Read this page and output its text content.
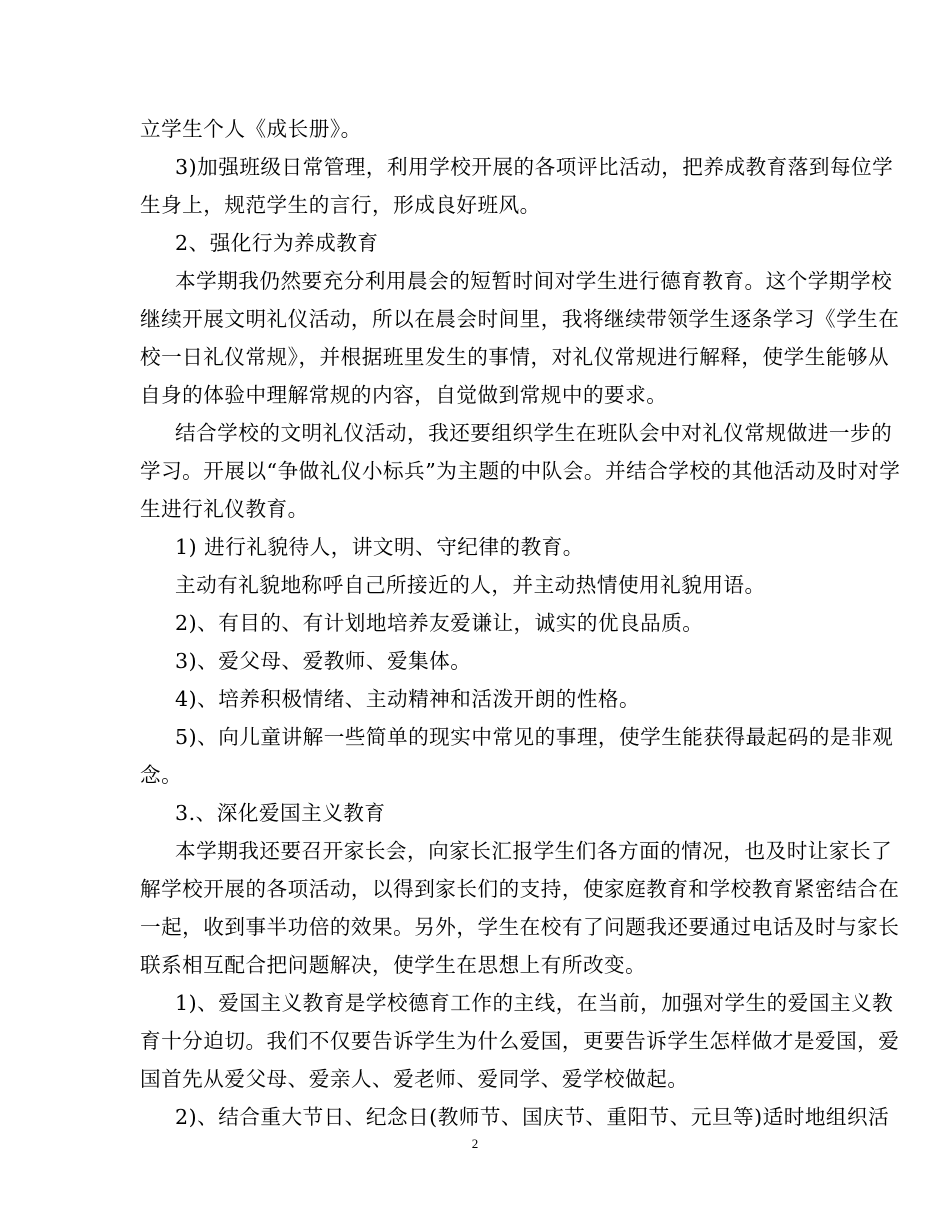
立学生个人《成长册》。
3)加强班级日常管理，利用学校开展的各项评比活动，把养成教育落到每位学
生身上，规范学生的言行，形成良好班风。
2、强化行为养成教育
本学期我仍然要充分利用晨会的短暂时间对学生进行德育教育。这个学期学校
继续开展文明礼仪活动，所以在晨会时间里，我将继续带领学生逐条学习《学生在
校一日礼仪常规》，并根据班里发生的事情，对礼仪常规进行解释，使学生能够从
自身的体验中理解常规的内容，自觉做到常规中的要求。
结合学校的文明礼仪活动，我还要组织学生在班队会中对礼仪常规做进一步的
学习。开展以“争做礼仪小标兵”为主题的中队会。并结合学校的其他活动及时对学
生进行礼仪教育。
1) 进行礼貌待人，讲文明、守纪律的教育。
主动有礼貌地称呼自己所接近的人，并主动热情使用礼貌用语。
2)、有目的、有计划地培养友爱谦让，诚实的优良品质。
3)、爱父母、爱教师、爱集体。
4)、培养积极情绪、主动精神和活泼开朗的性格。
5)、向儿童讲解一些简单的现实中常见的事理，使学生能获得最起码的是非观
念。
3.、深化爱国主义教育
本学期我还要召开家长会，向家长汇报学生们各方面的情况，也及时让家长了
解学校开展的各项活动，以得到家长们的支持，使家庭教育和学校教育紧密结合在
一起，收到事半功倍的效果。另外，学生在校有了问题我还要通过电话及时与家长
联系相互配合把问题解决，使学生在思想上有所改变。
1)、爱国主义教育是学校德育工作的主线，在当前，加强对学生的爱国主义教
育十分迫切。我们不仅要告诉学生为什么爱国，更要告诉学生怎样做才是爱国，爱
国首先从爱父母、爱亲人、爱老师、爱同学、爱学校做起。
2)、结合重大节日、纪念日(教师节、国庆节、重阳节、元旦等)适时地组织活
2
